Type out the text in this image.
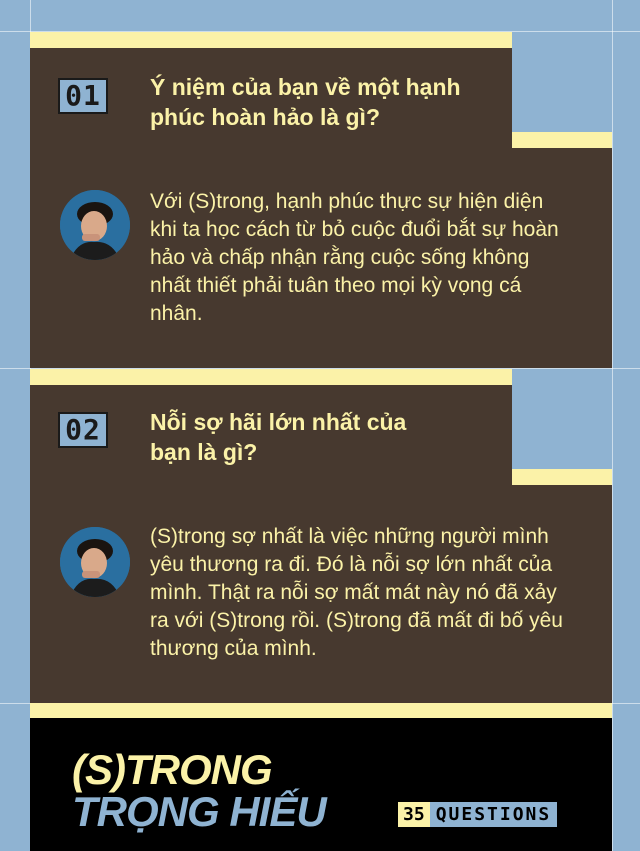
01	Ý niệm của bạn về một hạnh phúc hoàn hảo là gì?
Với (S)trong, hạnh phúc thực sự hiện diện khi ta học cách từ bỏ cuộc đuổi bắt sự hoàn hảo và chấp nhận rằng cuộc sống không nhất thiết phải tuân theo mọi kỳ vọng cá nhân.
02	Nỗi sợ hãi lớn nhất của bạn là gì?
(S)trong sợ nhất là việc những người mình yêu thương ra đi. Đó là nỗi sợ lớn nhất của mình. Thật ra nỗi sợ mất mát này nó đã xảy ra với (S)trong rồi. (S)trong đã mất đi bố yêu thương của mình.
(S)TRONG
TRỌNG HIẾU	35 QUESTIONS
